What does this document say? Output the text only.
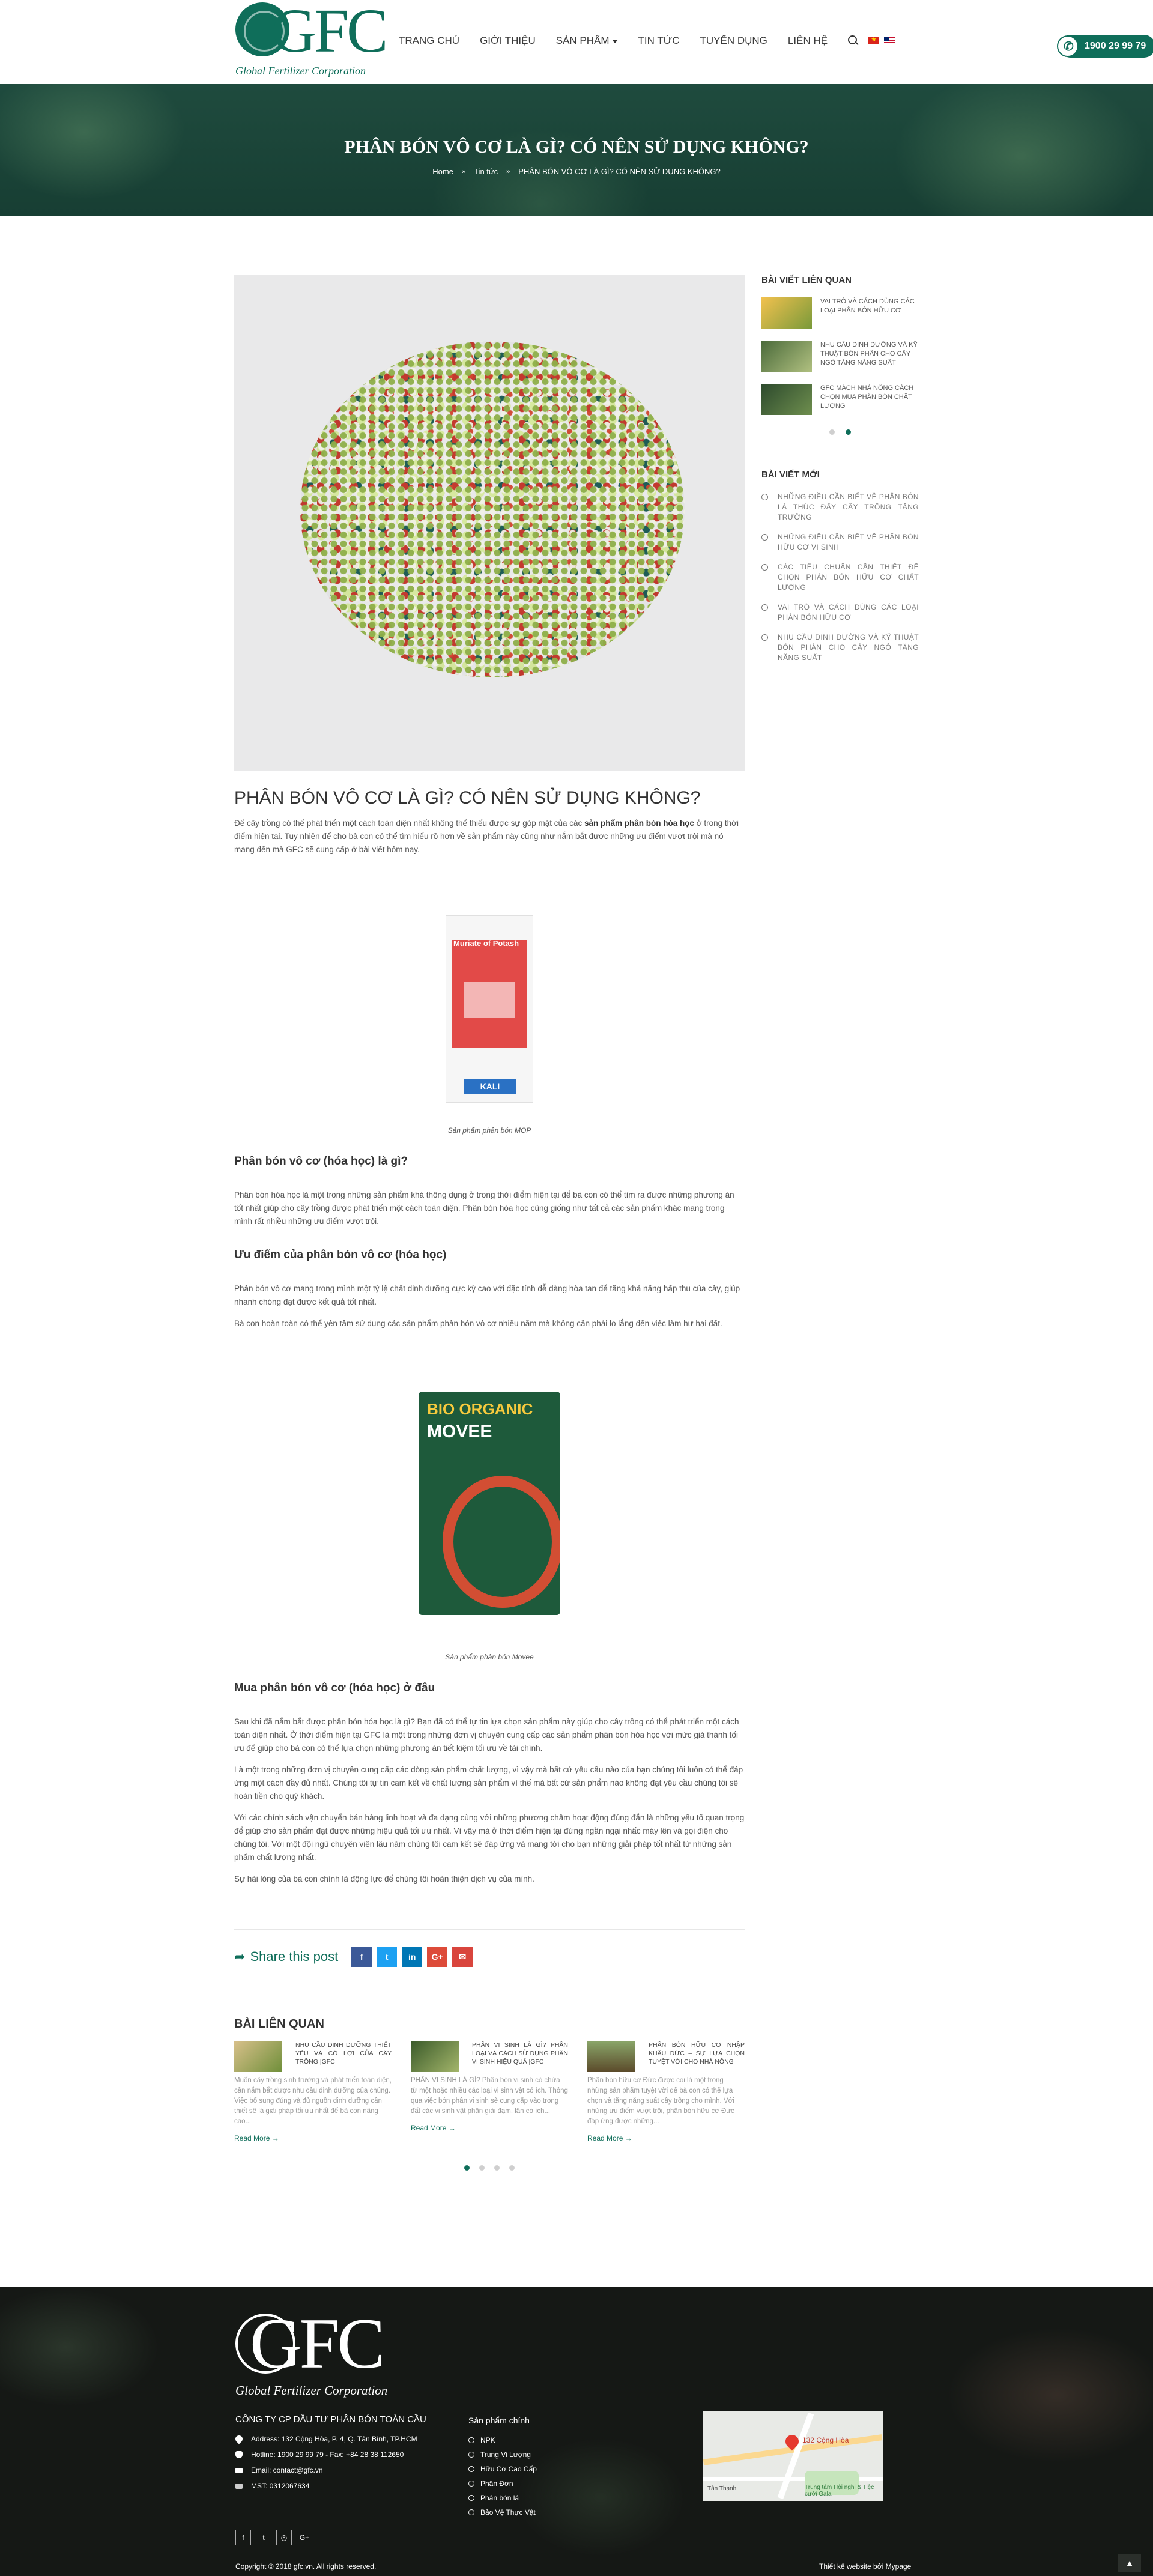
GFC
Global Fertilizer Corporation
TRANG CHỦ GIỚI THIỆU SẢN PHẨM	TIN TỨC TUYỂN DỤNG LIÊN HỆ ★ ✆	1900 29 99 79
PHÂN BÓN VÔ CƠ LÀ GÌ? CÓ NÊN SỬ DỤNG KHÔNG?
Home » Tin tức » PHÂN BÓN VÔ CƠ LÀ GÌ? CÓ NÊN SỬ DỤNG KHÔNG?
PHÂN BÓN VÔ CƠ LÀ GÌ? CÓ NÊN SỬ DỤNG KHÔNG?

Để cây trồng có thể phát triển một cách toàn diện nhất không thể thiếu được sự góp mặt của các sản phẩm phân bón hóa học ở trong thời điểm hiện tại. Tuy nhiên để cho bà con có thể tìm hiểu rõ hơn về sản phẩm này cũng như nắm bắt được những ưu điểm vượt trội mà nó mang đến mà GFC sẽ cung cấp ở bài viết hôm nay.

Muriate of Potash
KALI
Sản phẩm phân bón MOP
Phân bón vô cơ (hóa học) là gì?

Phân bón hóa học là một trong những sản phẩm khá thông dụng ở trong thời điểm hiện tại để bà con có thể tìm ra được những phương án tốt nhất giúp cho cây trồng được phát triển một cách toàn diện. Phân bón hóa học cũng giống như tất cả các sản phẩm khác mang trong mình rất nhiều những ưu điểm vượt trội.

Ưu điểm của phân bón vô cơ (hóa học)

Phân bón vô cơ mang trong mình một tỷ lệ chất dinh dưỡng cực kỳ cao với đặc tính dễ dàng hòa tan để tăng khả năng hấp thu của cây, giúp nhanh chóng đạt được kết quả tốt nhất.

Bà con hoàn toàn có thể yên tâm sử dụng các sản phẩm phân bón vô cơ nhiều năm mà không cần phải lo lắng đến việc làm hư hại đất.

BIO ORGANIC
MOVEE
Sản phẩm phân bón Movee
Mua phân bón vô cơ (hóa học) ở đâu

Sau khi đã nắm bắt được phân bón hóa học là gì? Bạn đã có thể tự tin lựa chọn sản phẩm này giúp cho cây trồng có thể phát triển một cách toàn diện nhất. Ở thời điểm hiện tại GFC là một trong những đơn vị chuyên cung cấp các sản phẩm phân bón hóa học với mức giá thành tối ưu để giúp cho bà con có thể lựa chọn những phương án tiết kiệm tối ưu về tài chính.

Là một trong những đơn vị chuyên cung cấp các dòng sản phẩm chất lượng, vì vậy mà bất cứ yêu cầu nào của bạn chúng tôi luôn có thể đáp ứng một cách đầy đủ nhất. Chúng tôi tự tin cam kết về chất lượng sản phẩm vì thế mà bất cứ sản phẩm nào không đạt yêu cầu chúng tôi sẽ hoàn tiền cho quý khách.

Với các chính sách vận chuyển bán hàng linh hoạt và đa dạng cùng với những phương châm hoạt động đúng đắn là những yếu tố quan trọng để giúp cho sản phẩm đạt được những hiệu quả tối ưu nhất. Vì vậy mà ở thời điểm hiện tại đừng ngần ngại nhấc máy lên và gọi điện cho chúng tôi. Với một đội ngũ chuyên viên lâu năm chúng tôi cam kết sẽ đáp ứng và mang tới cho bạn những giải pháp tốt nhất từ những sản phẩm chất lượng nhất.

Sự hài lòng của bà con chính là động lực để chúng tôi hoàn thiện dịch vụ của mình.

➦ Share this post	f	t	in	G+	✉
BÀI LIÊN QUAN
NHU CẦU DINH DƯỠNG THIẾT YẾU VÀ CÓ LỢI CỦA CÂY TRỒNG |GFC
Muốn cây trồng sinh trưởng và phát triển toàn diện, cần nắm bắt được nhu cầu dinh dưỡng của chúng. Việc bổ sung đúng và đủ nguồn dinh dưỡng cần thiết sẽ là giải pháp tối ưu nhất để bà con nâng cao...
Read More →
PHÂN VI SINH LÀ GÌ? PHÂN LOẠI VÀ CÁCH SỬ DỤNG PHÂN VI SINH HIỆU QUẢ |GFC
PHÂN VI SINH LÀ GÌ? Phân bón vi sinh có chứa từ một hoặc nhiều các loại vi sinh vật có ích. Thông qua việc bón phân vi sinh sẽ cung cấp vào trong đất các vi sinh vật phân giải đạm, lân có ích...
Read More →
PHÂN BÓN HỮU CƠ NHẬP KHẨU ĐỨC – SỰ LỰA CHỌN TUYỆT VỜI CHO NHÀ NÔNG
Phân bón hữu cơ Đức được coi là một trong những sản phẩm tuyệt vời để bà con có thể lựa chọn và tăng năng suất cây trồng cho mình. Với những ưu điểm vượt trội, phân bón hữu cơ Đức đáp ứng được những...
Read More →
BÀI VIẾT LIÊN QUAN
VAI TRÒ VÀ CÁCH DÙNG CÁC LOẠI PHÂN BÓN HỮU CƠ
NHU CẦU DINH DƯỠNG VÀ KỸ THUẬT BÓN PHÂN CHO CÂY NGÔ TĂNG NĂNG SUẤT
GFC MÁCH NHÀ NÔNG CÁCH CHỌN MUA PHÂN BÓN CHẤT LƯỢNG
BÀI VIẾT MỚI
NHỮNG ĐIỀU CẦN BIẾT VỀ PHÂN BÓN LÁ THÚC ĐẨY CÂY TRỒNG TĂNG TRƯỞNG
NHỮNG ĐIỀU CẦN BIẾT VỀ PHÂN BÓN HỮU CƠ VI SINH
CÁC TIÊU CHUẨN CẦN THIẾT ĐỂ CHỌN PHÂN BÓN HỮU CƠ CHẤT LƯỢNG
VAI TRÒ VÀ CÁCH DÙNG CÁC LOẠI PHÂN BÓN HỮU CƠ
NHU CẦU DINH DƯỠNG VÀ KỸ THUẬT BÓN PHÂN CHO CÂY NGÔ TĂNG NĂNG SUẤT
GFC
Global Fertilizer Corporation
CÔNG TY CP ĐẦU TƯ PHÂN BÓN TOÀN CẦU
Address: 132 Cộng Hòa, P. 4, Q. Tân Bình, TP.HCM
Hotline: 1900 29 99 79 - Fax: +84 28 38 112650
Email: contact@gfc.vn
MST: 0312067634
f	t	◎	G+
Sản phẩm chính
NPK
Trung Vi Lượng
Hữu Cơ Cao Cấp
Phân Đơn
Phân bón lá
Bảo Vệ Thực Vật
132 Cộng Hòa
Tân Thạnh	Trung tâm Hội nghị & Tiệc cưới Gala
Copyright © 2018 gfc.vn. All rights reserved.	Thiết kế website bởi Mypage	▲
